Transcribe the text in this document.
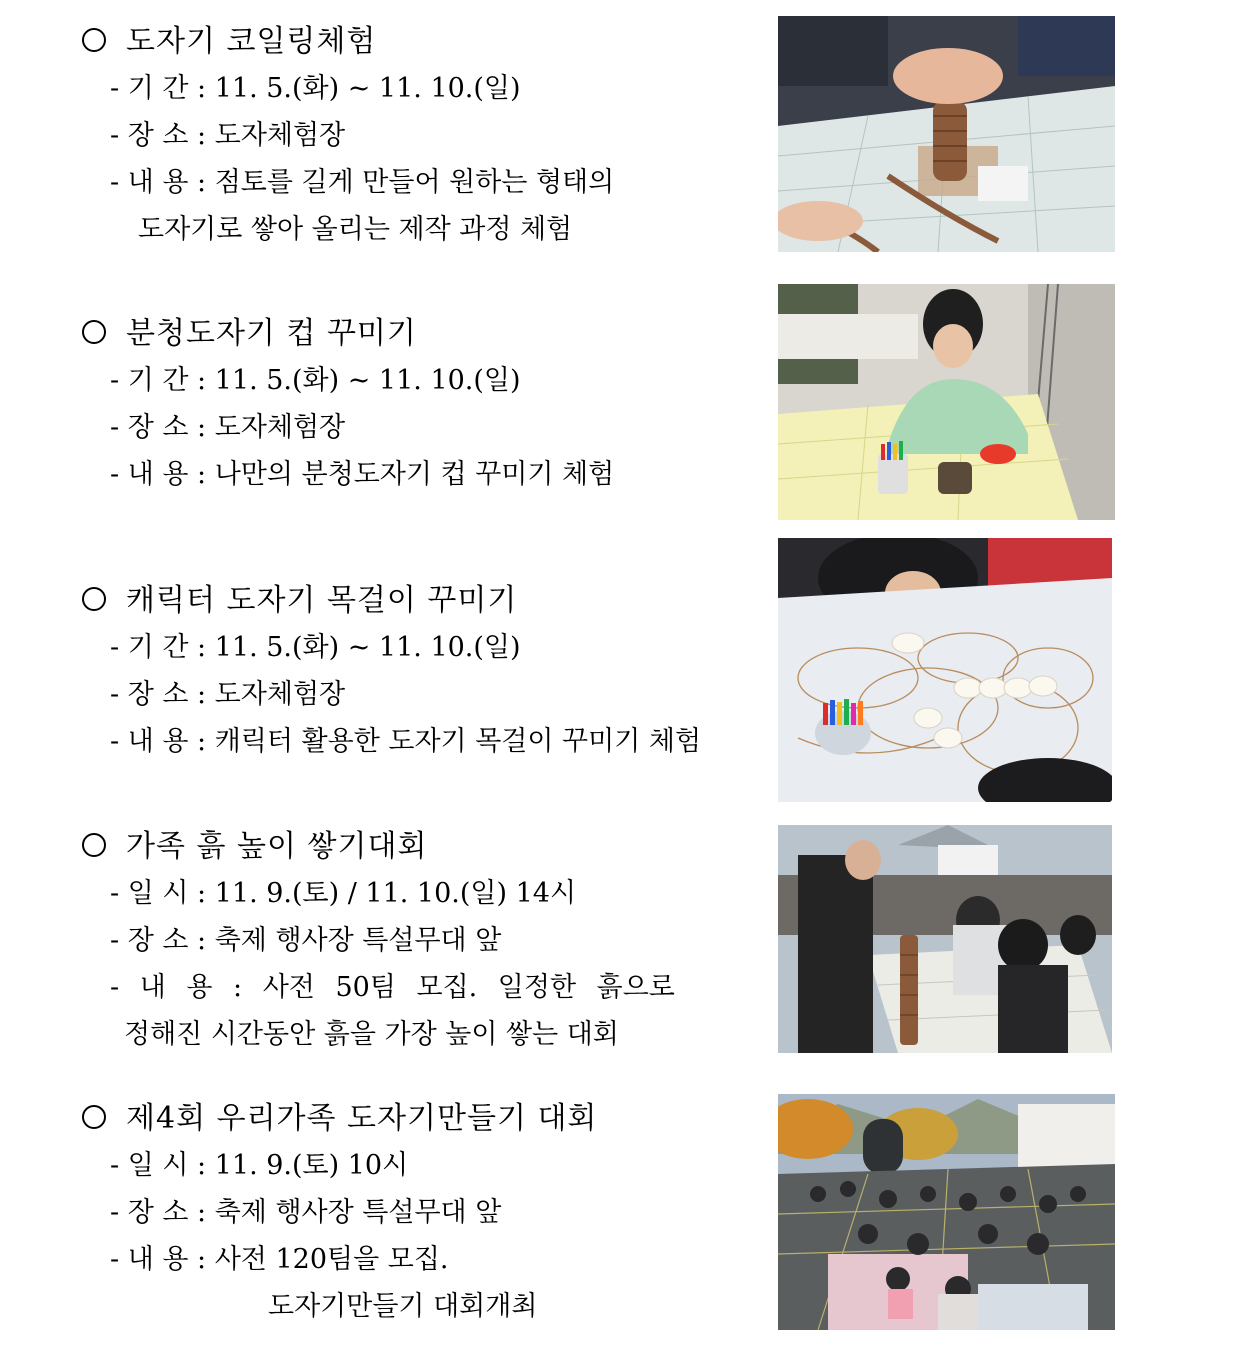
도자기 코일링체험
- 기 간 : 11. 5.(화) ~ 11. 10.(일)
- 장 소 : 도자체험장
- 내 용 : 점토를 길게 만들어 원하는 형태의
도자기로 쌓아 올리는 제작 과정 체험
분청도자기 컵 꾸미기
- 기 간 : 11. 5.(화) ~ 11. 10.(일)
- 장 소 : 도자체험장
- 내 용 : 나만의 분청도자기 컵 꾸미기 체험
캐릭터 도자기 목걸이 꾸미기
- 기 간 : 11. 5.(화) ~ 11. 10.(일)
- 장 소 : 도자체험장
- 내 용 : 캐릭터 활용한 도자기 목걸이 꾸미기 체험
가족 흙 높이 쌓기대회
- 일 시 : 11. 9.(토) / 11. 10.(일) 14시
- 장 소 : 축제 행사장 특설무대 앞
- 내 용 : 사전 50팀 모집. 일정한 흙으로
정해진 시간동안 흙을 가장 높이 쌓는 대회
제4회 우리가족 도자기만들기 대회
- 일 시 : 11. 9.(토) 10시
- 장 소 : 축제 행사장 특설무대 앞
- 내 용 : 사전 120팀을 모집.
도자기만들기 대회개최
